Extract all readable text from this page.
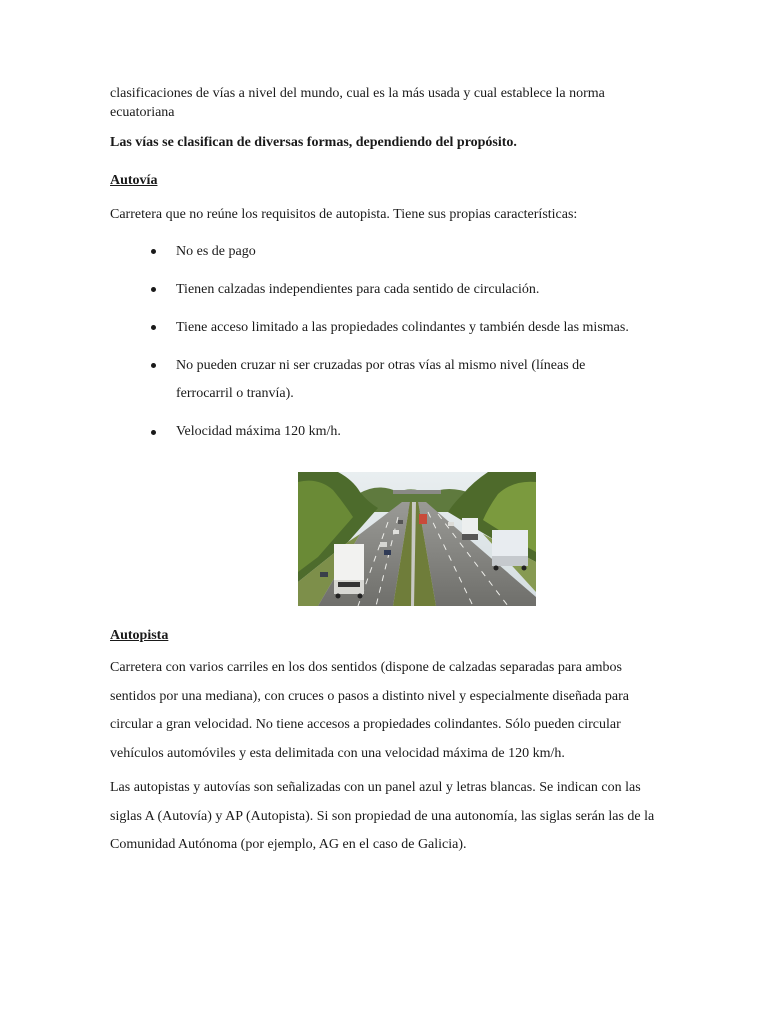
clasificaciones de vías a nivel del mundo, cual es la más usada y cual establece la norma ecuatoriana

Las vías se clasifican de diversas formas, dependiendo del propósito.

Autovía

Carretera que no reúne los requisitos de autopista. Tiene sus propias características:

No es de pago
Tienen calzadas independientes para cada sentido de circulación.
Tiene acceso limitado a las propiedades colindantes y también desde las mismas.
No pueden cruzar ni ser cruzadas por otras vías al mismo nivel (líneas de ferrocarril o tranvía).
Velocidad máxima 120 km/h.

Autopista

Carretera con varios carriles en los dos sentidos (dispone de calzadas separadas para ambos sentidos por una mediana), con cruces o pasos a distinto nivel y especialmente diseñada para circular a gran velocidad. No tiene accesos a propiedades colindantes. Sólo pueden circular vehículos automóviles y esta delimitada con una velocidad máxima de 120 km/h.

Las autopistas y autovías son señalizadas con un panel azul y letras blancas. Se indican con las siglas A (Autovía) y AP (Autopista). Si son propiedad de una autonomía, las siglas serán las de la Comunidad Autónoma (por ejemplo, AG en el caso de Galicia).
